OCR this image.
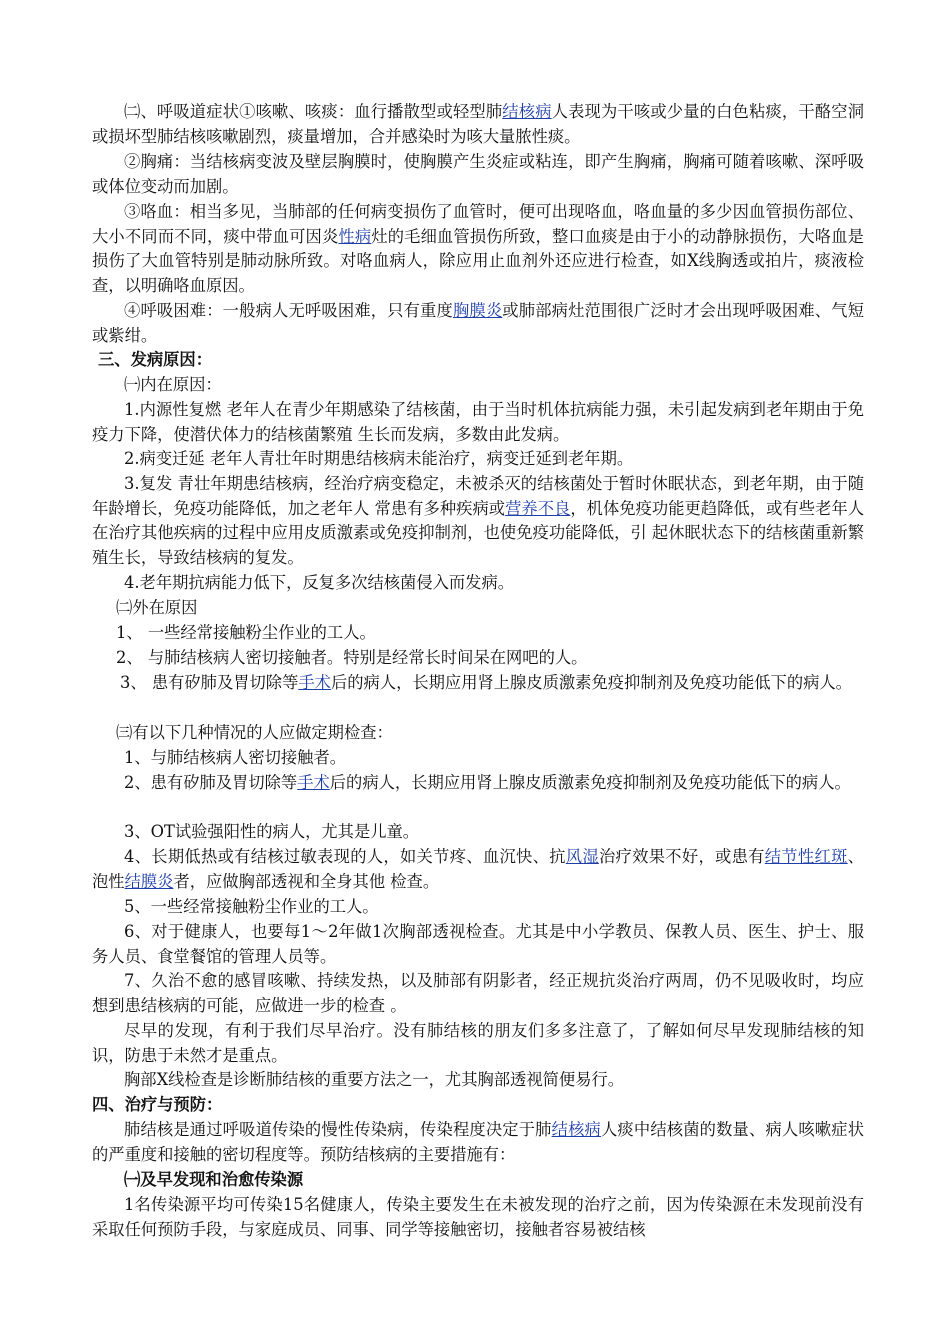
㈡、呼吸道症状①咳嗽、咳痰：血行播散型或轻型肺结核病人表现为干咳或少量的白色粘痰，干酪空洞或损坏型肺结核咳嗽剧烈，痰量增加，合并感染时为咳大量脓性痰。

②胸痛：当结核病变波及壁层胸膜时，使胸膜产生炎症或粘连，即产生胸痛，胸痛可随着咳嗽、深呼吸或体位变动而加剧。

③咯血：相当多见，当肺部的任何病变损伤了血管时，便可出现咯血，咯血量的多少因血管损伤部位、大小不同而不同，痰中带血可因炎性病灶的毛细血管损伤所致，整口血痰是由于小的动静脉损伤，大咯血是损伤了大血管特别是肺动脉所致。对咯血病人，除应用止血剂外还应进行检查，如X线胸透或拍片，痰液检查，以明确咯血原因。

④呼吸困难：一般病人无呼吸困难，只有重度胸膜炎或肺部病灶范围很广泛时才会出现呼吸困难、气短或紫绀。

三、发病原因：

㈠内在原因：

1.内源性复燃 老年人在青少年期感染了结核菌，由于当时机体抗病能力强，未引起发病到老年期由于免疫力下降，使潜伏体力的结核菌繁殖 生长而发病，多数由此发病。

2.病变迁延 老年人青壮年时期患结核病未能治疗，病变迁延到老年期。

3.复发 青壮年期患结核病，经治疗病变稳定，未被杀灭的结核菌处于暂时休眠状态，到老年期，由于随年龄增长，免疫功能降低，加之老年人 常患有多种疾病或营养不良，机体免疫功能更趋降低，或有些老年人在治疗其他疾病的过程中应用皮质激素或免疫抑制剂，也使免疫功能降低，引 起休眠状态下的结核菌重新繁殖生长，导致结核病的复发。

4.老年期抗病能力低下，反复多次结核菌侵入而发病。

㈡外在原因

1、 一些经常接触粉尘作业的工人。

2、 与肺结核病人密切接触者。特别是经常长时间呆在网吧的人。

3、 患有矽肺及胃切除等手术后的病人，长期应用肾上腺皮质激素免疫抑制剂及免疫功能低下的病人。

㈢有以下几种情况的人应做定期检查：

1、与肺结核病人密切接触者。

2、患有矽肺及胃切除等手术后的病人，长期应用肾上腺皮质激素免疫抑制剂及免疫功能低下的病人。

3、OT试验强阳性的病人，尤其是儿童。

4、长期低热或有结核过敏表现的人，如关节疼、血沉快、抗风湿治疗效果不好，或患有结节性红斑、泡性结膜炎者，应做胸部透视和全身其他 检查。

5、一些经常接触粉尘作业的工人。

6、对于健康人，也要每1～2年做1次胸部透视检查。尤其是中小学教员、保教人员、医生、护士、服务人员、食堂餐馆的管理人员等。

7、久治不愈的感冒咳嗽、持续发热，以及肺部有阴影者，经正规抗炎治疗两周，仍不见吸收时，均应想到患结核病的可能，应做进一步的检查 。

尽早的发现，有利于我们尽早治疗。没有肺结核的朋友们多多注意了，了解如何尽早发现肺结核的知识，防患于未然才是重点。

胸部X线检查是诊断肺结核的重要方法之一，尤其胸部透视简便易行。

四、治疗与预防：

肺结核是通过呼吸道传染的慢性传染病，传染程度决定于肺结核病人痰中结核菌的数量、病人咳嗽症状的严重度和接触的密切程度等。预防结核病的主要措施有：

㈠及早发现和治愈传染源

1名传染源平均可传染15名健康人，传染主要发生在未被发现的治疗之前，因为传染源在未发现前没有采取任何预防手段，与家庭成员、同事、同学等接触密切，接触者容易被结核
